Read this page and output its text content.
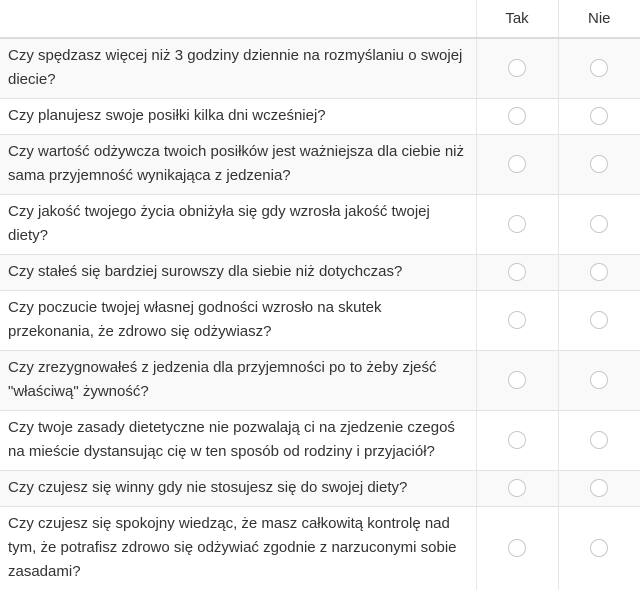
	Tak	Nie
Czy spędzasz więcej niż 3 godziny dziennie na rozmyślaniu o swojej diecie?		
Czy planujesz swoje posiłki kilka dni wcześniej?		
Czy wartość odżywcza twoich posiłków jest ważniejsza dla ciebie niż sama przyjemność wynikająca z jedzenia?		
Czy jakość twojego życia obniżyła się gdy wzrosła jakość twojej diety?		
Czy stałeś się bardziej surowszy dla siebie niż dotychczas?		
Czy poczucie twojej własnej godności wzrosło na skutek przekonania, że zdrowo się odżywiasz?		
Czy zrezygnowałeś z jedzenia dla przyjemności po to żeby zjeść "właściwą" żywność?		
Czy twoje zasady dietetyczne nie pozwalają ci na zjedzenie czegoś na mieście dystansując cię w ten sposób od rodziny i przyjaciół?		
Czy czujesz się winny gdy nie stosujesz się do swojej diety?		
Czy czujesz się spokojny wiedząc, że masz całkowitą kontrolę nad tym, że potrafisz zdrowo się odżywiać zgodnie z narzuconymi sobie zasadami?		
